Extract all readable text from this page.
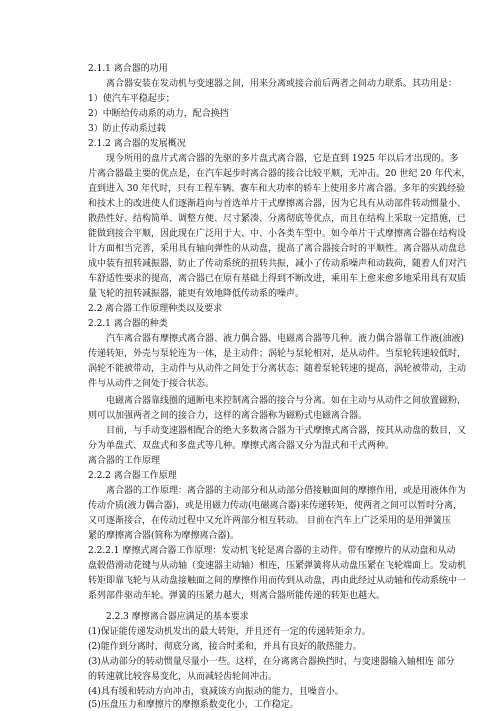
2.1.1 离合器的功用
离合器安装在发动机与变速器之间，用来分离或接合前后两者之间动力联系。其功用是：
1）使汽车平稳起步；
2）中断给传动系的动力，配合换挡
3）防止传动系过载
2.1.2 离合器的发展概况
现今所用的盘片式离合器的先驱的多片盘式离合器，它是直到 1925 年以后才出现的。多
片离合器最主要的优点是，在汽车起步时离合器的接合比较平顺，无冲击。20 世纪 20 年代末，
直到进入 30 年代时，只有工程车辆、赛车和大功率的轿车上使用多片离合器。多年的实践经验
和技术上的改进使人们逐渐趋向与首选单片干式摩擦离合器，因为它具有从动部件转动惯量小、
散热性好、结构简单、调整方便、尺寸紧凑、分离彻底等优点，而且在结构上采取一定措施，已
能做到接合平顺，因此现在广泛用于大、中、小各类车型中。如今单片干式摩擦离合器在结构设
计方面相当完善，采用具有轴向弹性的从动盘，提高了离合器接合时的平顺性。离合器从动盘总
成中装有扭转减振器，防止了传动系统的扭转共振，减小了传动系噪声和动载荷，随着人们对汽
车舒适性要求的提高，离合器已在原有基础上得到不断改进，乘用车上愈来愈多地采用具有双质
量飞轮的扭转减振器，能更有效地降低传动系的噪声。
2.2 离合器工作原理种类以及要求
2.2.1 离合器的种类
汽车离合器有摩擦式离合器、液力偶合器、电磁离合器等几种。液力偶合器靠工作液(油液)
传递转矩，外壳与泵轮连为一体，是主动件；涡轮与泵轮相对，是从动件。当泵轮转速较低时，
涡轮不能被带动，主动件与从动件之间处于分离状态；随着泵轮转速的提高，涡轮被带动，主动
件与从动件之间处于接合状态。
电磁离合器靠线圈的通断电来控制离合器的接合与分离。如在主动与从动件之间放置磁粉，
则可以加强两者之间的接合力，这样的离合器称为磁粉式电磁离合器。
目前，与手动变速器相配合的绝大多数离合器为干式摩擦式离合器，按其从动盘的数目，又
分为单盘式、双盘式和多盘式等几种。摩擦式离合器又分为湿式和干式两种。
离合器的工作原理
2.2.2 离合器工作原理
离合器的工作原理：离合器的主动部分和从动部分借接触面间的摩擦作用，或是用液体作为
传动介质(液力偶合器)，或是用磁力传动(电磁离合器)来传递转矩，使两者之间可以暂时分离，
又可逐渐接合，在传动过程中又允许两部分相互转动。 目前在汽车上广泛采用的是用弹簧压
紧的摩擦离合器(简称为摩擦离合器)。
2.2.2.1 摩擦式离合器工作原理：发动机飞轮是离合器的主动件。带有摩擦片的从动盘和从动
盘毂借滑动花键与从动轴（变速器主动轴）相连，压紧弹簧将从动盘压紧在飞轮端面上。发动机
转矩即靠飞轮与从动盘接触面之间的摩擦作用而传到从动盘，再由此经过从动轴和传动系统中一
系列部件驱动车轮。弹簧的压紧力越大，则离合器所能传递的转矩也越大。
2.2.3 摩擦离合器应满足的基本要求
(1)保证能传递发动机发出的最大转矩，并且还有一定的传递转矩余力。
(2)能作到分离时，彻底分离，接合时柔和，并具有良好的散热能力。
(3)从动部分的转动惯量尽量小一些。这样，在分离离合器换挡时，与变速器输入轴相连 部分
的转速就比较容易变化，从而减轻齿轮间冲击。
(4)具有缓和转动方向冲击，衰减该方向振动的能力，且噪音小。
(5)压盘压力和摩擦片的摩擦系数变化小，工作稳定。
